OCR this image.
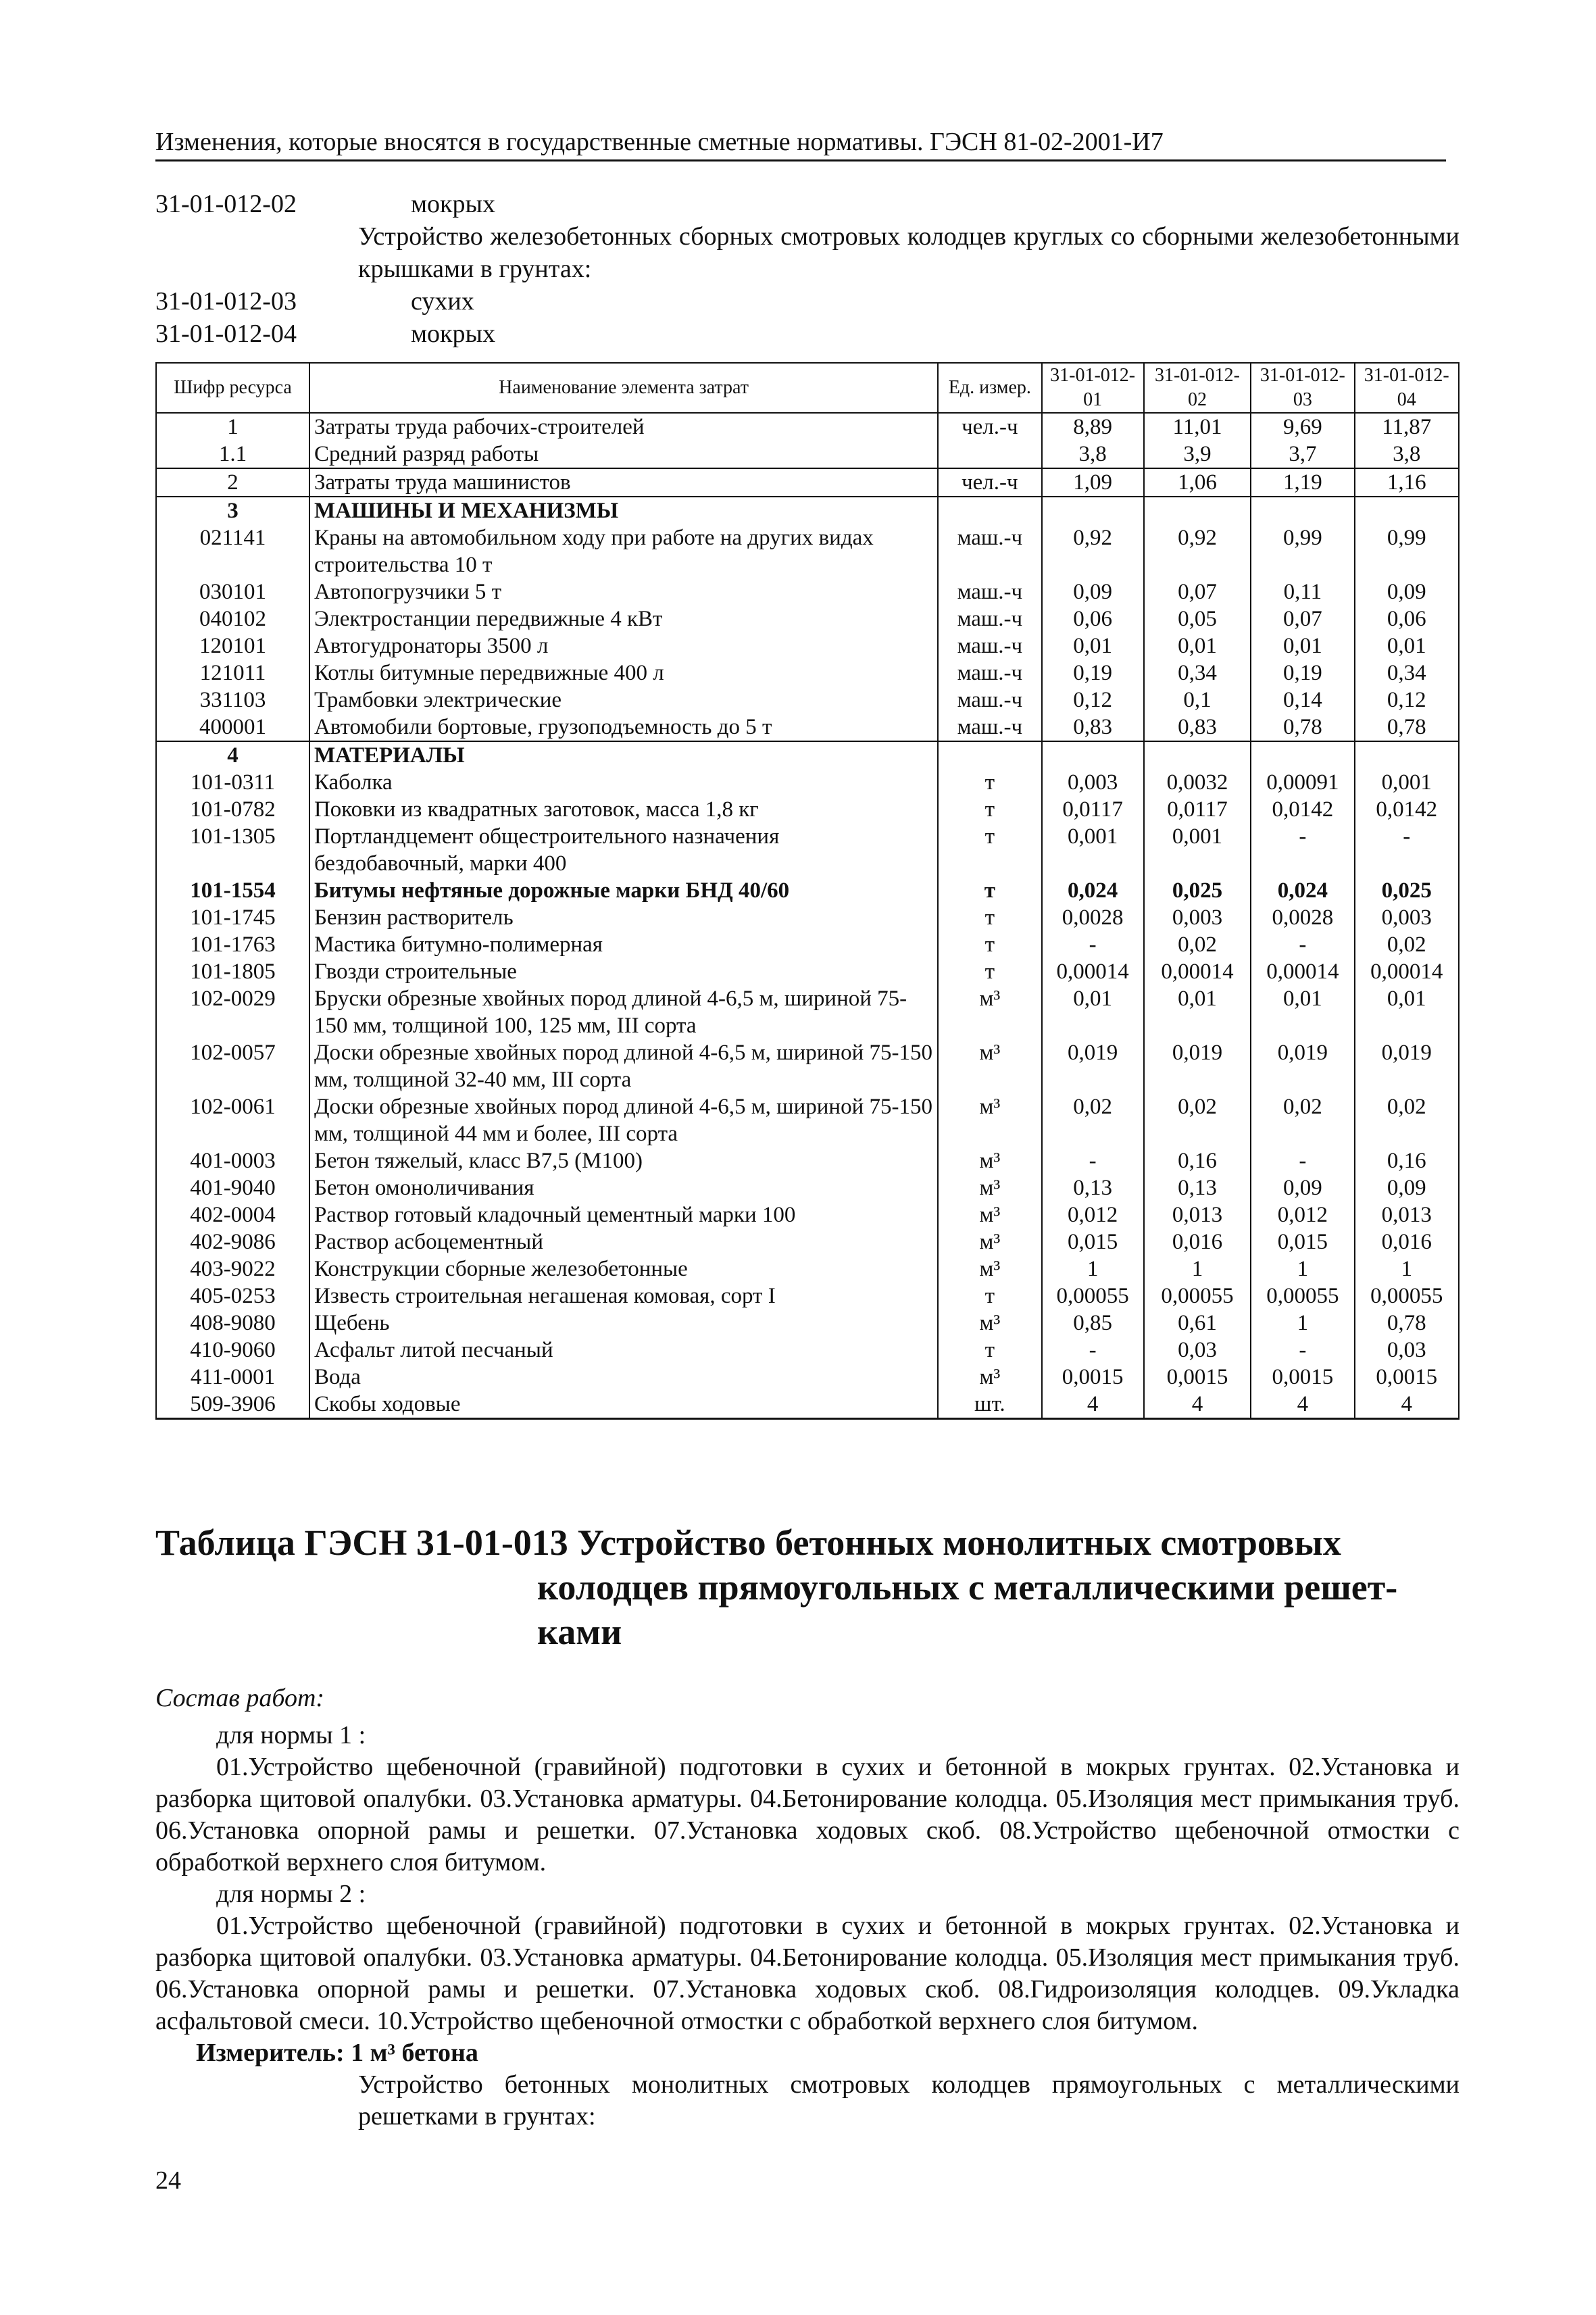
Изменения, которые вносятся в государственные сметные нормативы. ГЭСН 81-02-2001-И7
31-01-012-02	мокрых
Устройство железобетонных сборных смотровых колодцев круглых со сборными железобетонными крышками в грунтах:
31-01-012-03	сухих
31-01-012-04	мокрых
Шифр ресурса	Наименование элемента затрат	Ед. измер.	31-01-012-01	31-01-012-02	31-01-012-03	31-01-012-04
1	Затраты труда рабочих-строителей	чел.-ч	8,89	11,01	9,69	11,87
1.1	Средний разряд работы		3,8	3,9	3,7	3,8
2	Затраты труда машинистов	чел.-ч	1,09	1,06	1,19	1,16
3	МАШИНЫ И МЕХАНИЗМЫ					
021141	Краны на автомобильном ходу при работе на других видах строительства 10 т	маш.-ч	0,92	0,92	0,99	0,99
030101	Автопогрузчики 5 т	маш.-ч	0,09	0,07	0,11	0,09
040102	Электростанции передвижные 4 кВт	маш.-ч	0,06	0,05	0,07	0,06
120101	Автогудронаторы 3500 л	маш.-ч	0,01	0,01	0,01	0,01
121011	Котлы битумные передвижные 400 л	маш.-ч	0,19	0,34	0,19	0,34
331103	Трамбовки электрические	маш.-ч	0,12	0,1	0,14	0,12
400001	Автомобили бортовые, грузоподъемность до 5 т	маш.-ч	0,83	0,83	0,78	0,78
4	МАТЕРИАЛЫ					
101-0311	Каболка	т	0,003	0,0032	0,00091	0,001
101-0782	Поковки из квадратных заготовок, масса 1,8 кг	т	0,0117	0,0117	0,0142	0,0142
101-1305	Портландцемент общестроительного назначения бездобавочный, марки 400	т	0,001	0,001	-	-
101-1554	Битумы нефтяные дорожные марки БНД 40/60	т	0,024	0,025	0,024	0,025
101-1745	Бензин растворитель	т	0,0028	0,003	0,0028	0,003
101-1763	Мастика битумно-полимерная	т	-	0,02	-	0,02
101-1805	Гвозди строительные	т	0,00014	0,00014	0,00014	0,00014
102-0029	Бруски обрезные хвойных пород длиной 4-6,5 м, шириной 75-150 мм, толщиной 100, 125 мм, III сорта	м³	0,01	0,01	0,01	0,01
102-0057	Доски обрезные хвойных пород длиной 4-6,5 м, шириной 75-150 мм, толщиной 32-40 мм, III сорта	м³	0,019	0,019	0,019	0,019
102-0061	Доски обрезные хвойных пород длиной 4-6,5 м, шириной 75-150 мм, толщиной 44 мм и более, III сорта	м³	0,02	0,02	0,02	0,02
401-0003	Бетон тяжелый, класс В7,5 (М100)	м³	-	0,16	-	0,16
401-9040	Бетон омоноличивания	м³	0,13	0,13	0,09	0,09
402-0004	Раствор готовый кладочный цементный марки 100	м³	0,012	0,013	0,012	0,013
402-9086	Раствор асбоцементный	м³	0,015	0,016	0,015	0,016
403-9022	Конструкции сборные железобетонные	м³	1	1	1	1
405-0253	Известь строительная негашеная комовая, сорт I	т	0,00055	0,00055	0,00055	0,00055
408-9080	Щебень	м³	0,85	0,61	1	0,78
410-9060	Асфальт литой песчаный	т	-	0,03	-	0,03
411-0001	Вода	м³	0,0015	0,0015	0,0015	0,0015
509-3906	Скобы ходовые	шт.	4	4	4	4
Таблица ГЭСН 31-01-013 Устройство бетонных монолитных смотровых
колодцев прямоугольных с металлическими решет-
ками

Состав работ:

для нормы 1 :

01.Устройство щебеночной (гравийной) подготовки в сухих и бетонной в мокрых грунтах. 02.Установка и разборка щитовой опалубки. 03.Установка арматуры. 04.Бетонирование колодца. 05.Изоляция мест примыкания труб. 06.Установка опорной рамы и решетки. 07.Установка ходовых скоб. 08.Устройство щебеночной отмостки с обработкой верхнего слоя битумом.

для нормы 2 :

01.Устройство щебеночной (гравийной) подготовки в сухих и бетонной в мокрых грунтах. 02.Установка и разборка щитовой опалубки. 03.Установка арматуры. 04.Бетонирование колодца. 05.Изоляция мест примыкания труб. 06.Установка опорной рамы и решетки. 07.Установка ходовых скоб. 08.Гидроизоляция колодцев. 09.Укладка асфальтовой смеси. 10.Устройство щебеночной отмостки с обработкой верхнего слоя битумом.

Измеритель: 1 м³ бетона

Устройство бетонных монолитных смотровых колодцев прямоугольных с металлическими решетками в грунтах:

24
